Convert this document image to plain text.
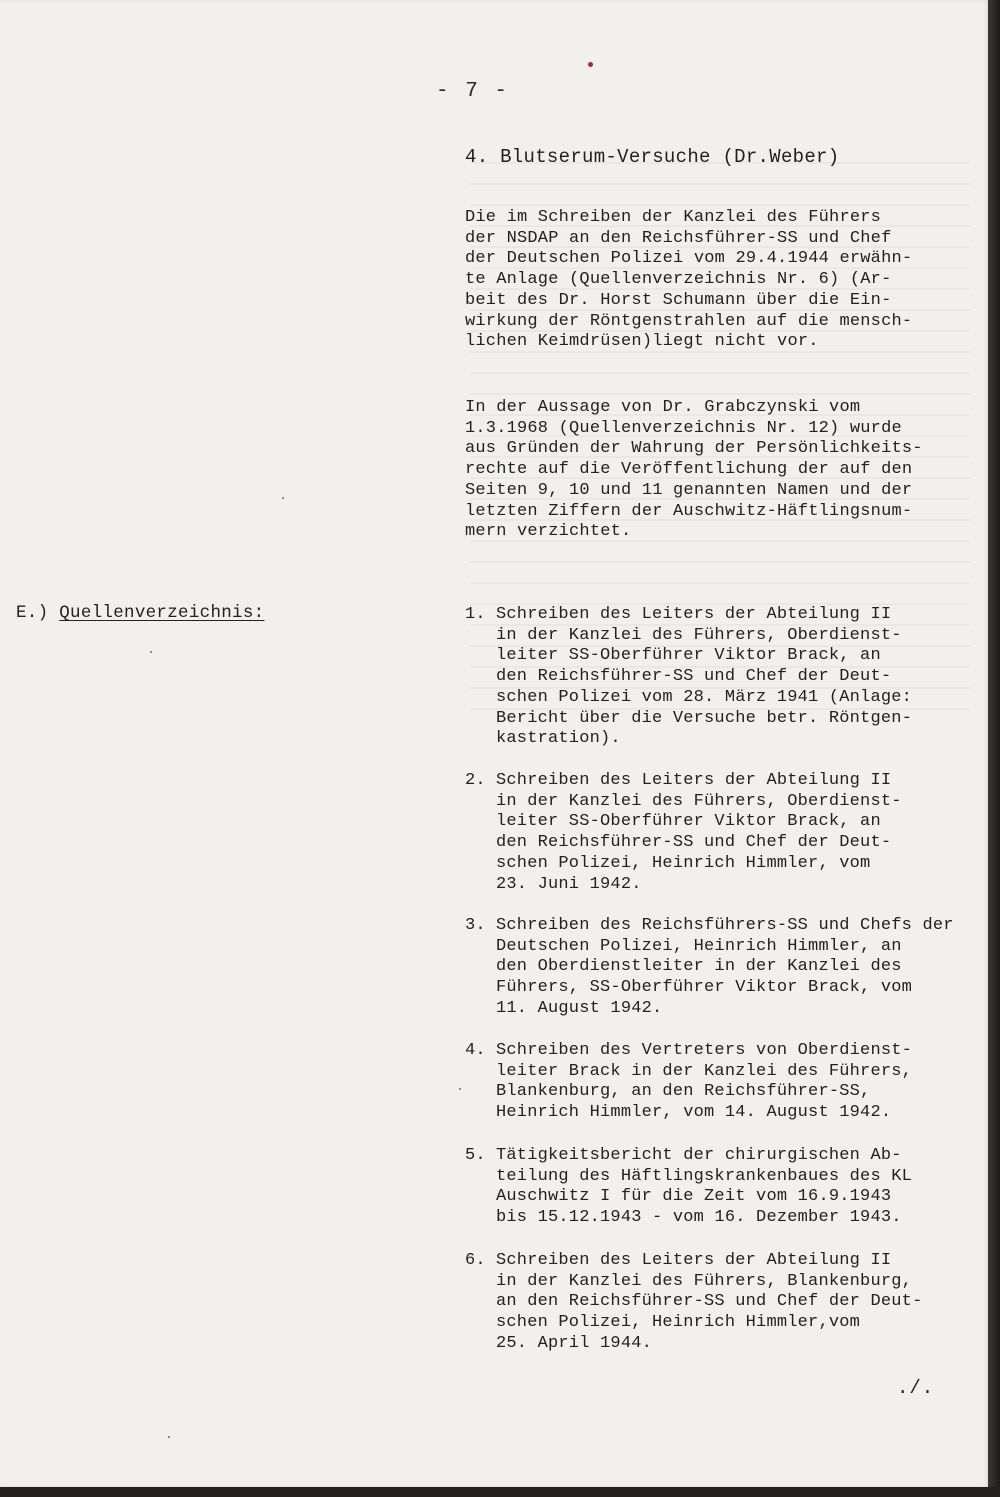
- 7 -
4. Blutserum-Versuche (Dr.Weber)

Die im Schreiben der Kanzlei des Führers
der NSDAP an den Reichsführer-SS und Chef
der Deutschen Polizei vom 29.4.1944 erwähn-
te Anlage (Quellenverzeichnis Nr. 6) (Ar-
beit des Dr. Horst Schumann über die Ein-
wirkung der Röntgenstrahlen auf die mensch-
lichen Keimdrüsen)liegt nicht vor.

In der Aussage von Dr. Grabczynski vom
1.3.1968 (Quellenverzeichnis Nr. 12) wurde
aus Gründen der Wahrung der Persönlichkeits-
rechte auf die Veröffentlichung der auf den
Seiten 9, 10 und 11 genannten Namen und der
letzten Ziffern der Auschwitz-Häftlingsnum-
mern verzichtet.

E.) Quellenverzeichnis:	1. Schreiben des Leiters der Abteilung II
in der Kanzlei des Führers, Oberdienst-
leiter SS-Oberführer Viktor Brack, an
den Reichsführer-SS und Chef der Deut-
schen Polizei vom 28. März 1941 (Anlage:
Bericht über die Versuche betr. Röntgen-
kastration).
2. Schreiben des Leiters der Abteilung II
in der Kanzlei des Führers, Oberdienst-
leiter SS-Oberführer Viktor Brack, an
den Reichsführer-SS und Chef der Deut-
schen Polizei, Heinrich Himmler, vom
23. Juni 1942.
3. Schreiben des Reichsführers-SS und Chefs der
Deutschen Polizei, Heinrich Himmler, an
den Oberdienstleiter in der Kanzlei des
Führers, SS-Oberführer Viktor Brack, vom
11. August 1942.
4. Schreiben des Vertreters von Oberdienst-
leiter Brack in der Kanzlei des Führers,
Blankenburg, an den Reichsführer-SS,
Heinrich Himmler, vom 14. August 1942.
5. Tätigkeitsbericht der chirurgischen Ab-
teilung des Häftlingskrankenbaues des KL
Auschwitz I für die Zeit vom 16.9.1943
bis 15.12.1943 - vom 16. Dezember 1943.
6. Schreiben des Leiters der Abteilung II
in der Kanzlei des Führers, Blankenburg,
an den Reichsführer-SS und Chef der Deut-
schen Polizei, Heinrich Himmler,vom
25. April 1944.
./.
